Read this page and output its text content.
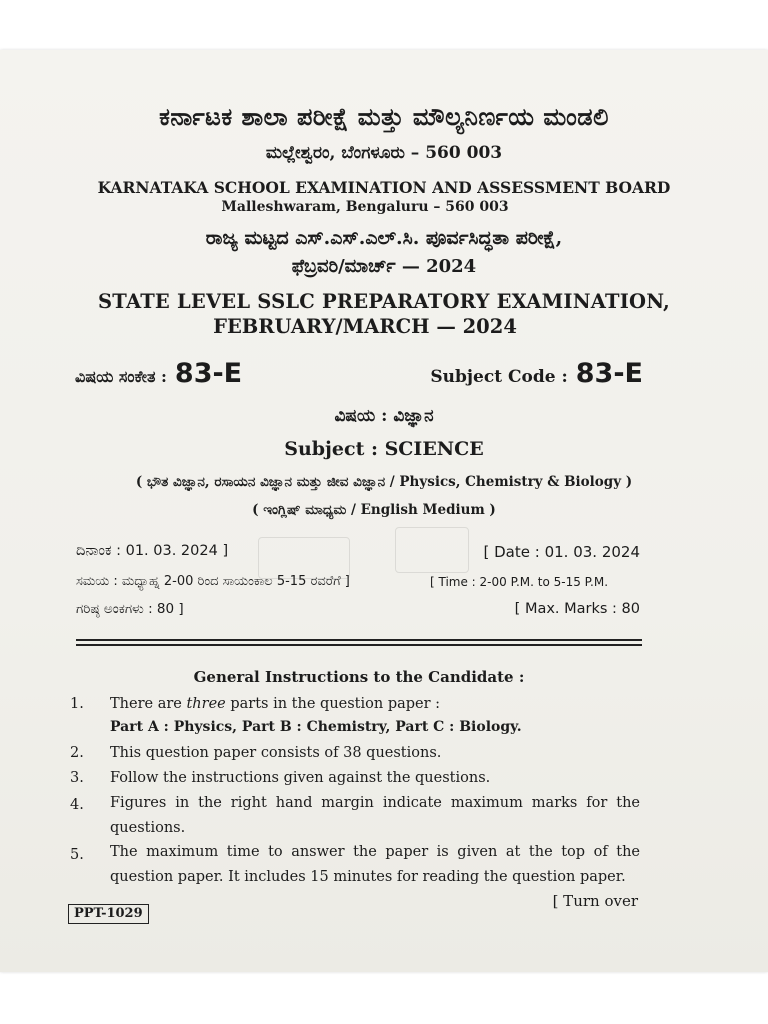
ಕರ್ನಾಟಕ ಶಾಲಾ ಪರೀಕ್ಷೆ ಮತ್ತು ಮೌಲ್ಯನಿರ್ಣಯ ಮಂಡಲಿ
ಮಲ್ಲೇಶ್ವರಂ, ಬೆಂಗಳೂರು – 560 003
KARNATAKA SCHOOL EXAMINATION AND ASSESSMENT BOARD
Malleshwaram, Bengaluru – 560 003
ರಾಜ್ಯ ಮಟ್ಟದ ಎಸ್.ಎಸ್.ಎಲ್.ಸಿ. ಪೂರ್ವಸಿದ್ಧತಾ ಪರೀಕ್ಷೆ,
ಫೆಬ್ರವರಿ/ಮಾರ್ಚ್ — 2024
STATE LEVEL SSLC PREPARATORY EXAMINATION,
FEBRUARY/MARCH — 2024
ವಿಷಯ ಸಂಕೇತ : 83-E	Subject Code : 83-E
ವಿಷಯ : ವಿಜ್ಞಾನ
Subject : SCIENCE
( ಭೌತ ವಿಜ್ಞಾನ, ರಸಾಯನ ವಿಜ್ಞಾನ ಮತ್ತು ಜೀವ ವಿಜ್ಞಾನ / Physics, Chemistry & Biology )
( ಇಂಗ್ಲಿಷ್ ಮಾಧ್ಯಮ / English Medium )
ದಿನಾಂಕ : 01. 03. 2024 ]	[ Date : 01. 03. 2024
ಸಮಯ : ಮಧ್ಯಾಹ್ನ 2-00 ರಿಂದ ಸಾಯಂಕಾಲ 5-15 ರವರೆಗೆ ]	[ Time : 2-00 P.M. to 5-15 P.M.
ಗರಿಷ್ಠ ಅಂಕಗಳು : 80 ]	[ Max. Marks : 80
General Instructions to the Candidate :
1. There are three parts in the question paper :
Part A : Physics, Part B : Chemistry, Part C : Biology.
2. This question paper consists of 38 questions.
3. Follow the instructions given against the questions.
4. Figures in the right hand margin indicate maximum marks for the questions.
5. The maximum time to answer the paper is given at the top of the question paper. It includes 15 minutes for reading the question paper.
PPT-1029
[ Turn over
